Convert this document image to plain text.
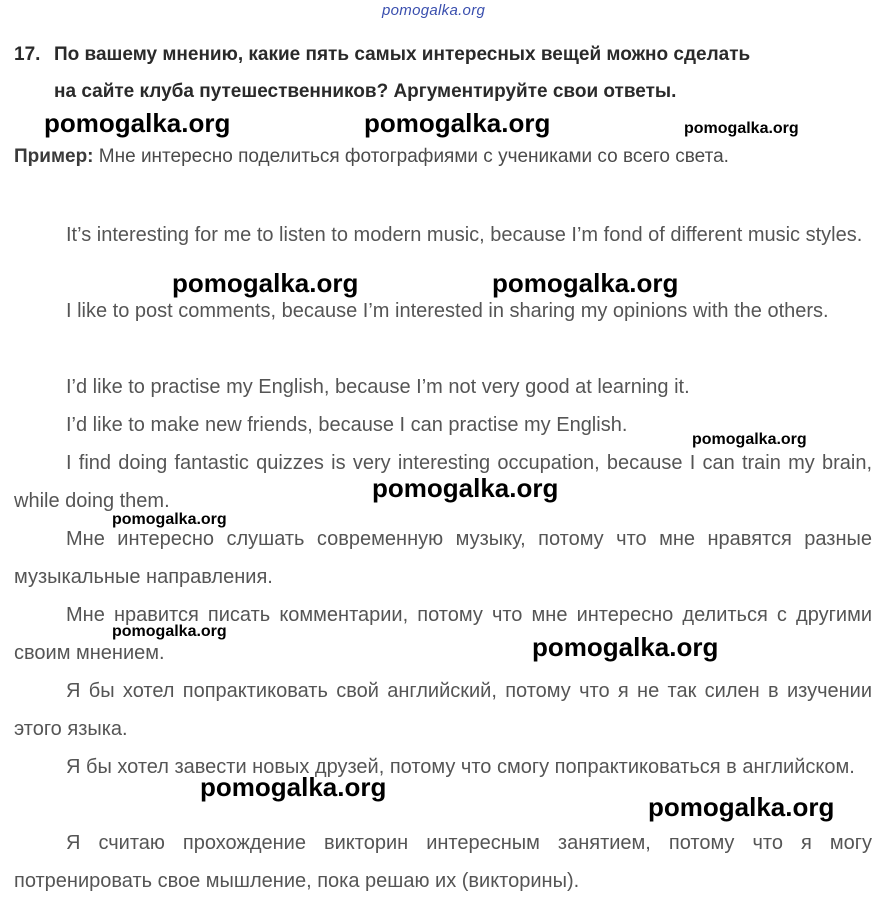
pomogalka.org
17. По вашему мнению, какие пять самых интересных вещей можно сделать
на сайте клуба путешественников? Аргументируйте свои ответы.
Пример: Мне интересно поделиться фотографиями с учениками со всего света.

It’s interesting for me to listen to modern music, because I’m fond of different music styles.

I like to post comments, because I’m interested in sharing my opinions with the others.

I’d like to practise my English, because I’m not very good at learning it.

I’d like to make new friends, because I can practise my English.

I find doing fantastic quizzes is very interesting occupation, because I can train my brain, while doing them.

Мне интересно слушать современную музыку, потому что мне нравятся разные музыкальные направления.

Мне нравится писать комментарии, потому что мне интересно делиться с другими своим мнением.

Я бы хотел попрактиковать свой английский, потому что я не так силен в изучении этого языка.

Я бы хотел завести новых друзей, потому что смогу попрактиковаться в английском.

Я считаю прохождение викторин интересным занятием, потому что я могу потренировать свое мышление, пока решаю их (викторины).

pomogalka.org	pomogalka.org	pomogalka.org
pomogalka.org	pomogalka.org
pomogalka.org
pomogalka.org
pomogalka.org
pomogalka.org
pomogalka.org
pomogalka.org
pomogalka.org
